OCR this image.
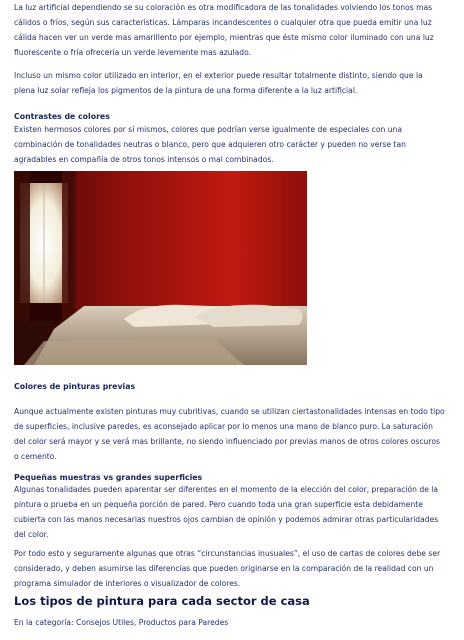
La luz artificial dependiendo se su coloración es otra modificadora de las tonalidades volviendo los tonos mas cálidos o fríos, según sus características. Lámparas incandescentes o cualquier otra que pueda emitir una luz cálida hacen ver un verde mas amarillento por ejemplo, mientras que éste mismo color iluminado con una luz fluorescente o fría ofrecería un verde levemente mas azulado.

Incluso un mismo color utilizado en interior, en el exterior puede resultar totalmente distinto, siendo que la plena luz solar refleja los pigmentos de la pintura de una forma diferente a la luz artificial.

Contrastes de colores

Existen hermosos colores por sí mismos, colores que podrían verse igualmente de especiales con una combinación de tonalidades neutras o blanco, pero que adquieren otro carácter y pueden no verse tan agradables en compañía de otros tonos intensos o mal combinados.

Colores de pinturas previas

Aunque actualmente existen pinturas muy cubritivas, cuando se utilizan ciertastonalidades intensas en todo tipo de superficies, inclusive paredes, es aconsejado aplicar por lo menos una mano de blanco puro. La saturación del color será mayor y se verá mas brillante, no siendo influenciado por previas manos de otros colores oscuros o cemento.

Pequeñas muestras vs grandes superficies

Algunas tonalidades pueden aparentar ser diferentes en el momento de la elección del color, preparación de la pintura o prueba en un pequeña porción de pared. Pero cuando toda una gran superficie esta debidamente cubierta con las manos necesarias nuestros ojos cambian de opinión y podemos admirar otras particularidades del color.

Por todo esto y seguramente algunas que otras “circunstancias inusuales”, el uso de cartas de colores debe ser considerado, y deben asumirse las diferencias que pueden originarse en la comparación de la realidad con un programa simulador de interiores o visualizador de colores.

Los tipos de pintura para cada sector de casa
En la categoría: Consejos Utiles, Productos para Paredes
